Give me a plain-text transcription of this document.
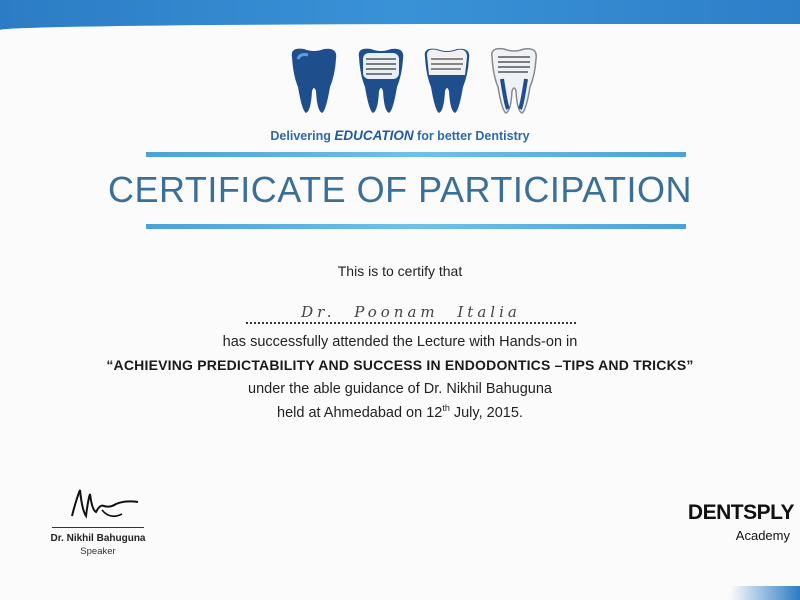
Delivering EDUCATION for better Dentistry
CERTIFICATE OF PARTICIPATION
This is to certify that
Dr. Poonam Italia
has successfully attended the Lecture with Hands-on in
“ACHIEVING PREDICTABILITY AND SUCCESS IN ENDODONTICS –TIPS AND TRICKS”
under the able guidance of Dr. Nikhil Bahuguna
held at Ahmedabad on 12th July, 2015.
Dr. Nikhil Bahuguna
Speaker
DENTSPLY
Academy
